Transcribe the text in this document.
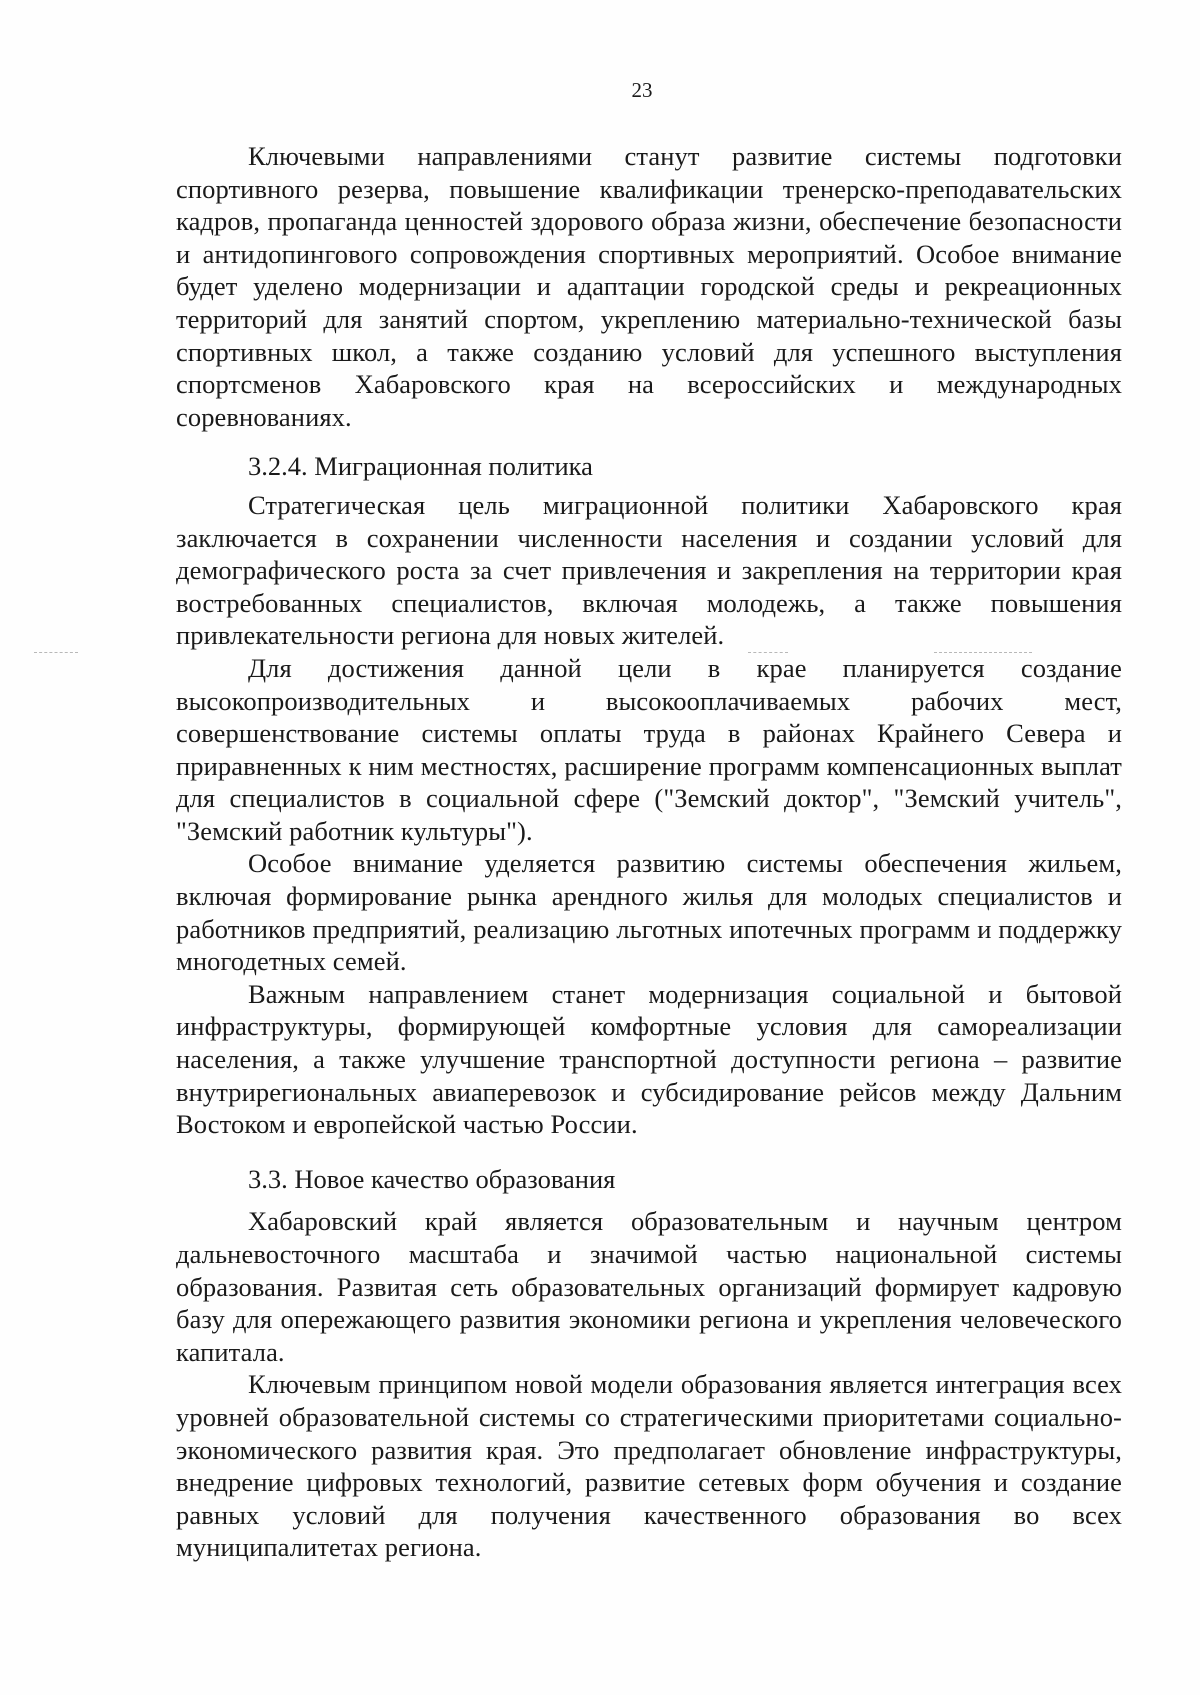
23

Ключевыми направлениями станут развитие системы подготовки спортивного резерва, повышение квалификации тренерско-преподавательских кадров, пропаганда ценностей здорового образа жизни, обеспечение безопасности и антидопингового сопровождения спортивных мероприятий. Особое внимание будет уделено модернизации и адаптации городской среды и рекреационных территорий для занятий спортом, укреплению материально-технической базы спортивных школ, а также созданию условий для успешного выступления спортсменов Хабаровского края на всероссийских и международных соревнованиях.

3.2.4. Миграционная политика

Стратегическая цель миграционной политики Хабаровского края заключается в сохранении численности населения и создании условий для демографического роста за счет привлечения и закрепления на территории края востребованных специалистов, включая молодежь, а также повышения привлекательности региона для новых жителей.

Для достижения данной цели в крае планируется создание высокопроизводительных и высокооплачиваемых рабочих мест, совершенствование системы оплаты труда в районах Крайнего Севера и приравненных к ним местностях, расширение программ компенсационных выплат для специалистов в социальной сфере ("Земский доктор", "Земский учитель", "Земский работник культуры").

Особое внимание уделяется развитию системы обеспечения жильем, включая формирование рынка арендного жилья для молодых специалистов и работников предприятий, реализацию льготных ипотечных программ и поддержку многодетных семей.

Важным направлением станет модернизация социальной и бытовой инфраструктуры, формирующей комфортные условия для самореализации населения, а также улучшение транспортной доступности региона – развитие внутрирегиональных авиаперевозок и субсидирование рейсов между Дальним Востоком и европейской частью России.

3.3. Новое качество образования

Хабаровский край является образовательным и научным центром дальневосточного масштаба и значимой частью национальной системы образования. Развитая сеть образовательных организаций формирует кадровую базу для опережающего развития экономики региона и укрепления человеческого капитала.

Ключевым принципом новой модели образования является интеграция всех уровней образовательной системы со стратегическими приоритетами социально-экономического развития края. Это предполагает обновление инфраструктуры, внедрение цифровых технологий, развитие сетевых форм обучения и создание равных условий для получения качественного образования во всех муниципалитетах региона.
